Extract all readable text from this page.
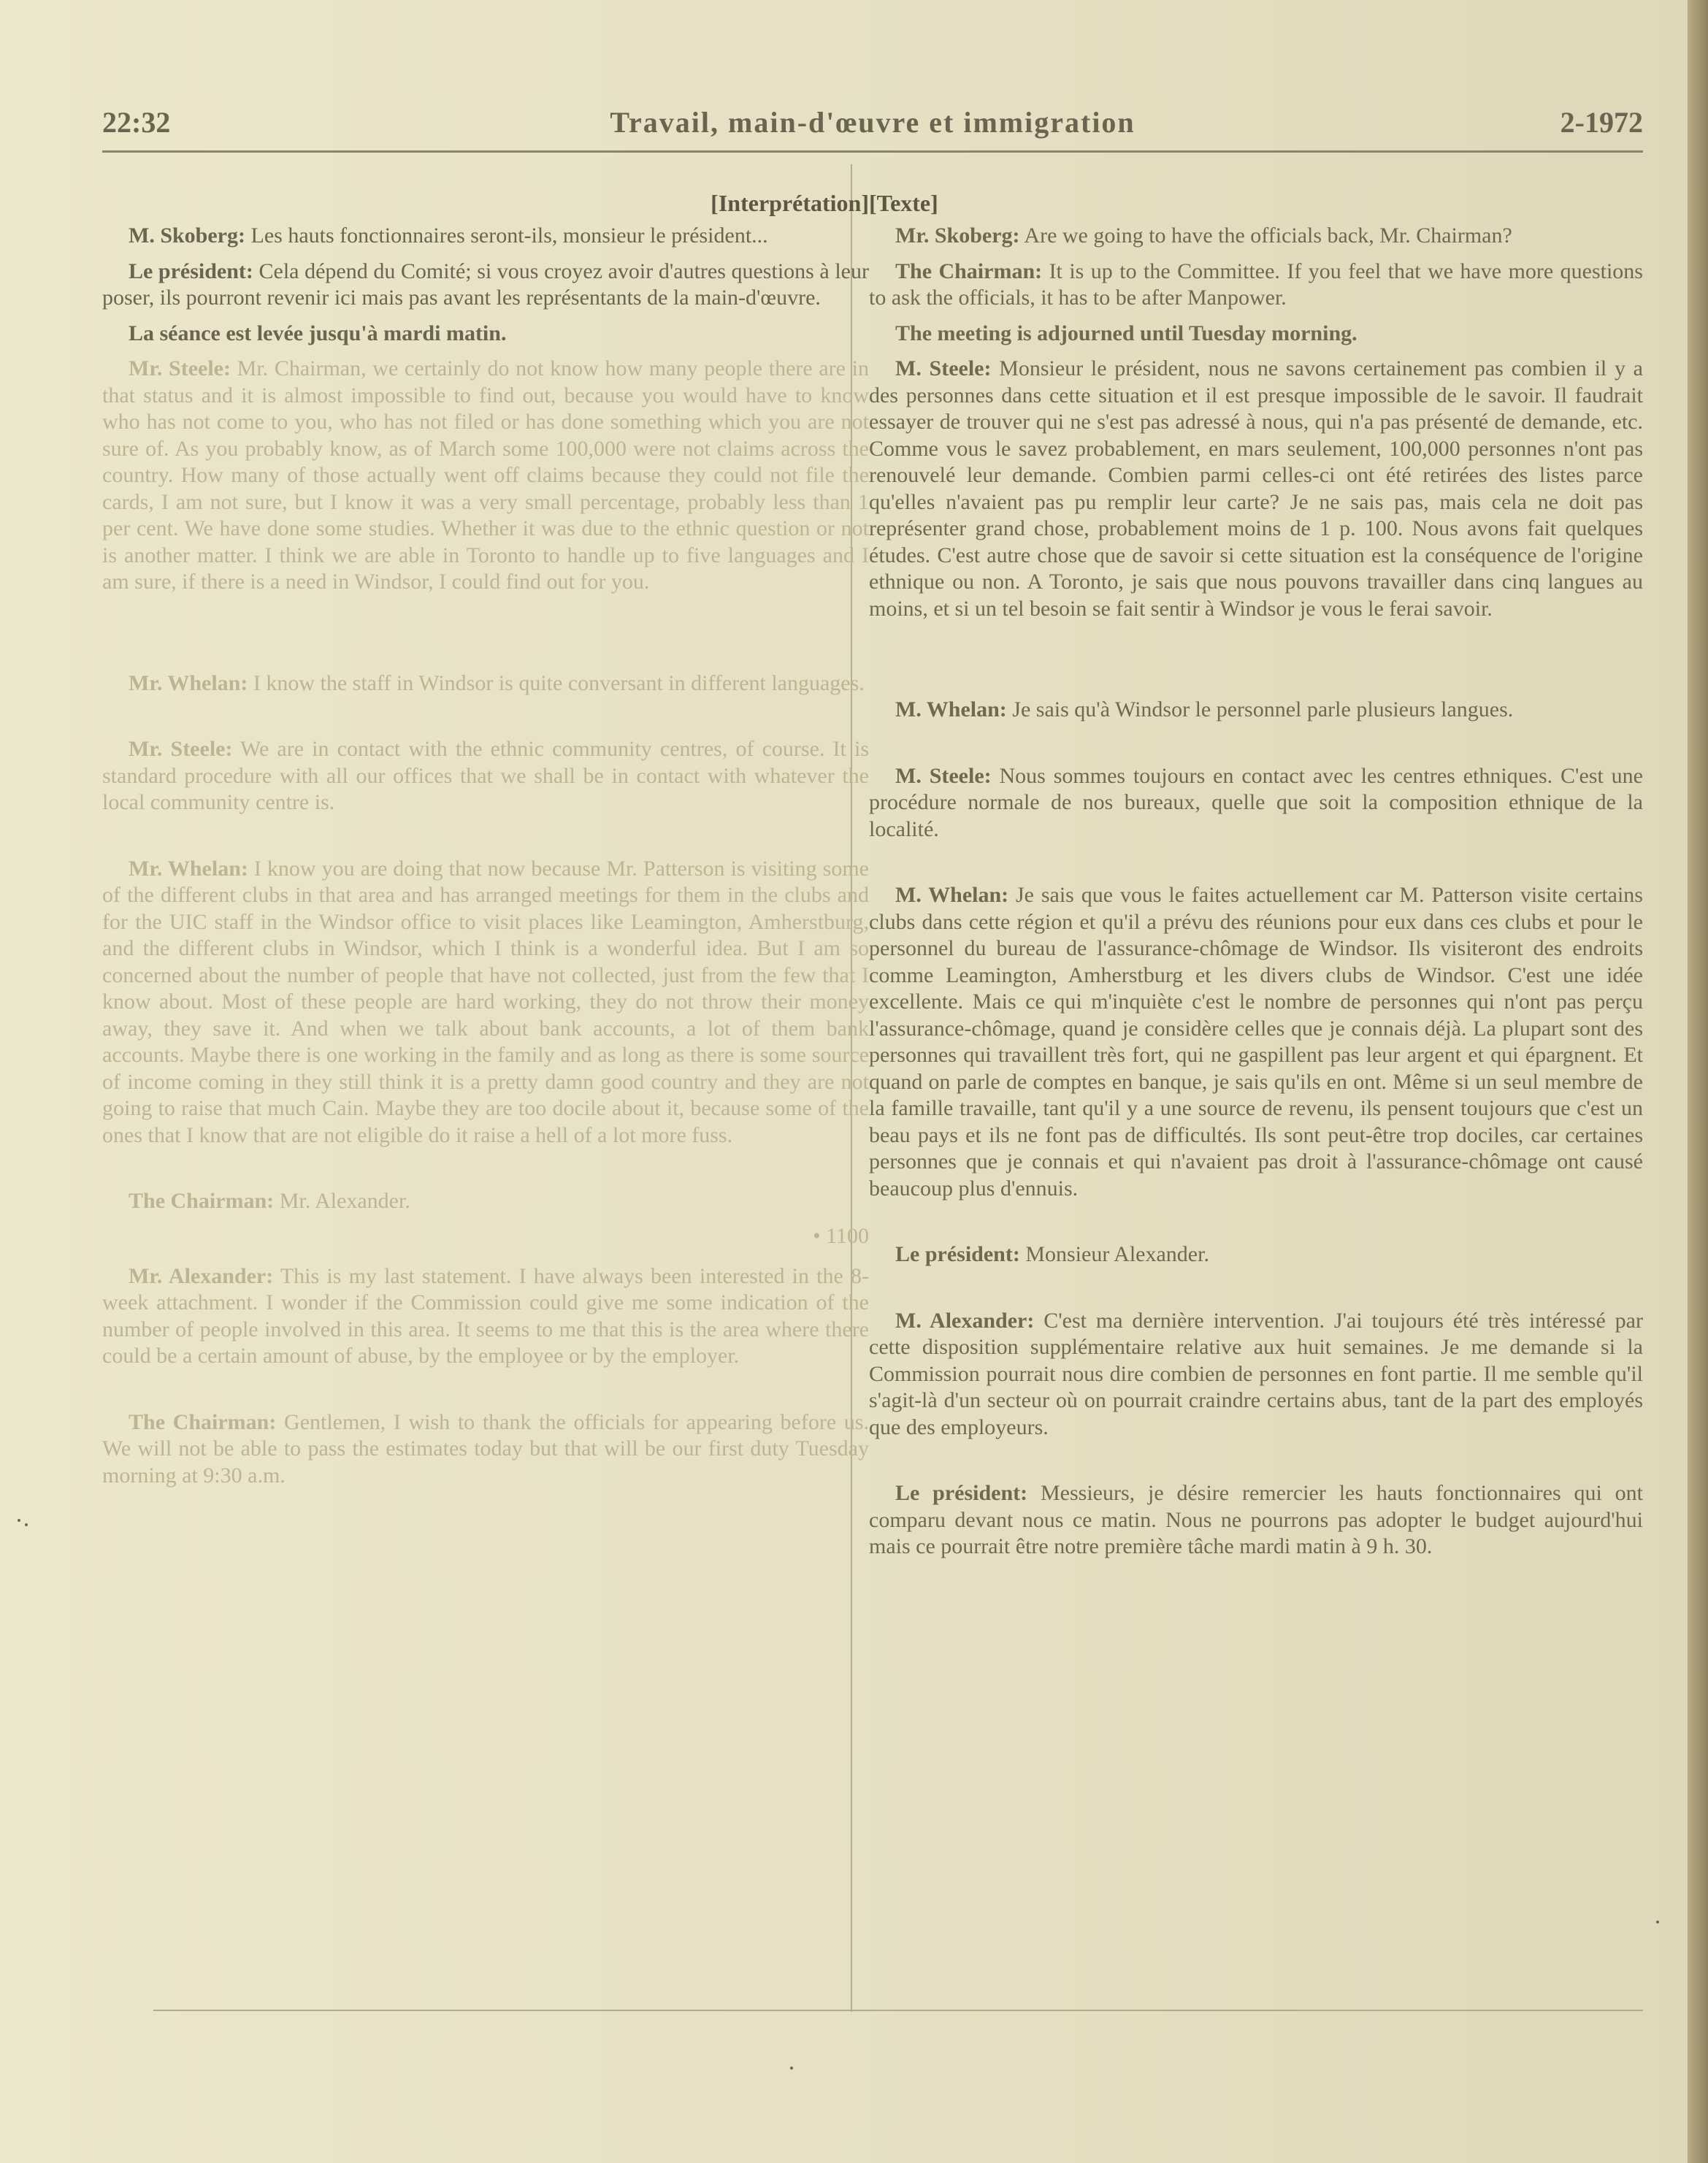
22:32	Travail, main-d'œuvre et immigration	2-1972
[Interprétation]

M. Skoberg: Les hauts fonctionnaires seront-ils, monsieur le président...

Le président: Cela dépend du Comité; si vous croyez avoir d'autres questions à leur poser, ils pourront revenir ici mais pas avant les représentants de la main-d'œuvre.

La séance est levée jusqu'à mardi matin.

Mr. Steele: Mr. Chairman, we certainly do not know how many people there are in that status and it is almost impossible to find out, because you would have to know who has not come to you, who has not filed or has done something which you are not sure of. As you probably know, as of March some 100,000 were not claims across the country. How many of those actually went off claims because they could not file the cards, I am not sure, but I know it was a very small percentage, probably less than 1 per cent. We have done some studies. Whether it was due to the ethnic question or not is another matter. I think we are able in Toronto to handle up to five languages and I am sure, if there is a need in Windsor, I could find out for you.

Mr. Whelan: I know the staff in Windsor is quite conversant in different languages.

Mr. Steele: We are in contact with the ethnic community centres, of course. It is standard procedure with all our offices that we shall be in contact with whatever the local community centre is.

Mr. Whelan: I know you are doing that now because Mr. Patterson is visiting some of the different clubs in that area and has arranged meetings for them in the clubs and for the UIC staff in the Windsor office to visit places like Leamington, Amherstburg, and the different clubs in Windsor, which I think is a wonderful idea. But I am so concerned about the number of people that have not collected, just from the few that I know about. Most of these people are hard working, they do not throw their money away, they save it. And when we talk about bank accounts, a lot of them bank accounts. Maybe there is one working in the family and as long as there is some source of income coming in they still think it is a pretty damn good country and they are not going to raise that much Cain. Maybe they are too docile about it, because some of the ones that I know that are not eligible do it raise a hell of a lot more fuss.

The Chairman: Mr. Alexander.

• 1100

Mr. Alexander: This is my last statement. I have always been interested in the 8-week attachment. I wonder if the Commission could give me some indication of the number of people involved in this area. It seems to me that this is the area where there could be a certain amount of abuse, by the employee or by the employer.

The Chairman: Gentlemen, I wish to thank the officials for appearing before us. We will not be able to pass the estimates today but that will be our first duty Tuesday morning at 9:30 a.m.

[Texte]

Mr. Skoberg: Are we going to have the officials back, Mr. Chairman?

The Chairman: It is up to the Committee. If you feel that we have more questions to ask the officials, it has to be after Manpower.

The meeting is adjourned until Tuesday morning.

M. Steele: Monsieur le président, nous ne savons certainement pas combien il y a des personnes dans cette situation et il est presque impossible de le savoir. Il faudrait essayer de trouver qui ne s'est pas adressé à nous, qui n'a pas présenté de demande, etc. Comme vous le savez probablement, en mars seulement, 100,000 personnes n'ont pas renouvelé leur demande. Combien parmi celles-ci ont été retirées des listes parce qu'elles n'avaient pas pu remplir leur carte? Je ne sais pas, mais cela ne doit pas représenter grand chose, probablement moins de 1 p. 100. Nous avons fait quelques études. C'est autre chose que de savoir si cette situation est la conséquence de l'origine ethnique ou non. A Toronto, je sais que nous pouvons travailler dans cinq langues au moins, et si un tel besoin se fait sentir à Windsor je vous le ferai savoir.

M. Whelan: Je sais qu'à Windsor le personnel parle plusieurs langues.

M. Steele: Nous sommes toujours en contact avec les centres ethniques. C'est une procédure normale de nos bureaux, quelle que soit la composition ethnique de la localité.

M. Whelan: Je sais que vous le faites actuellement car M. Patterson visite certains clubs dans cette région et qu'il a prévu des réunions pour eux dans ces clubs et pour le personnel du bureau de l'assurance-chômage de Windsor. Ils visiteront des endroits comme Leamington, Amherstburg et les divers clubs de Windsor. C'est une idée excellente. Mais ce qui m'inquiète c'est le nombre de personnes qui n'ont pas perçu l'assurance-chômage, quand je considère celles que je connais déjà. La plupart sont des personnes qui travaillent très fort, qui ne gaspillent pas leur argent et qui épargnent. Et quand on parle de comptes en banque, je sais qu'ils en ont. Même si un seul membre de la famille travaille, tant qu'il y a une source de revenu, ils pensent toujours que c'est un beau pays et ils ne font pas de difficultés. Ils sont peut-être trop dociles, car certaines personnes que je connais et qui n'avaient pas droit à l'assurance-chômage ont causé beaucoup plus d'ennuis.

Le président: Monsieur Alexander.

M. Alexander: C'est ma dernière intervention. J'ai toujours été très intéressé par cette disposition supplémentaire relative aux huit semaines. Je me demande si la Commission pourrait nous dire combien de personnes en font partie. Il me semble qu'il s'agit-là d'un secteur où on pourrait craindre certains abus, tant de la part des employés que des employeurs.

Le président: Messieurs, je désire remercier les hauts fonctionnaires qui ont comparu devant nous ce matin. Nous ne pourrons pas adopter le budget aujourd'hui mais ce pourrait être notre première tâche mardi matin à 9 h. 30.
